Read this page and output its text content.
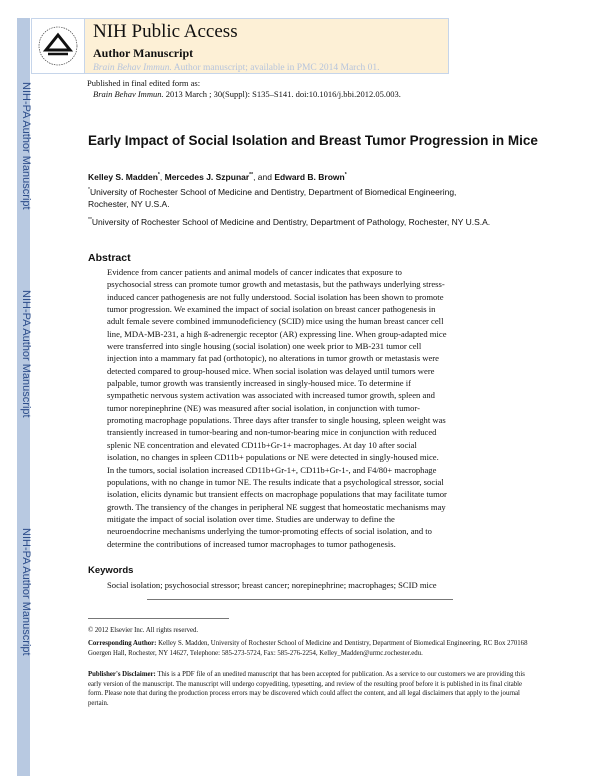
NIH-PA Author Manuscript
NIH-PA Author Manuscript
NIH-PA Author Manuscript
NIH Public Access
Author Manuscript
Brain Behav Immun. Author manuscript; available in PMC 2014 March 01.
Published in final edited form as:
Brain Behav Immun. 2013 March ; 30(Suppl): S135–S141. doi:10.1016/j.bbi.2012.05.003.
Early Impact of Social Isolation and Breast Tumor Progression in Mice
Kelley S. Madden*, Mercedes J. Szpunar**, and Edward B. Brown*
*University of Rochester School of Medicine and Dentistry, Department of Biomedical Engineering, Rochester, NY U.S.A.
**University of Rochester School of Medicine and Dentistry, Department of Pathology, Rochester, NY U.S.A.
Abstract
Evidence from cancer patients and animal models of cancer indicates that exposure to
psychosocial stress can promote tumor growth and metastasis, but the pathways underlying stress-
induced cancer pathogenesis are not fully understood. Social isolation has been shown to promote
tumor progression. We examined the impact of social isolation on breast cancer pathogenesis in
adult female severe combined immunodeficiency (SCID) mice using the human breast cancer cell
line, MDA-MB-231, a high ß-adrenergic receptor (AR) expressing line. When group-adapted mice
were transferred into single housing (social isolation) one week prior to MB-231 tumor cell
injection into a mammary fat pad (orthotopic), no alterations in tumor growth or metastasis were
detected compared to group-housed mice. When social isolation was delayed until tumors were
palpable, tumor growth was transiently increased in singly-housed mice. To determine if
sympathetic nervous system activation was associated with increased tumor growth, spleen and
tumor norepinephrine (NE) was measured after social isolation, in conjunction with tumor-
promoting macrophage populations. Three days after transfer to single housing, spleen weight was
transiently increased in tumor-bearing and non-tumor-bearing mice in conjunction with reduced
splenic NE concentration and elevated CD11b+Gr-1+ macrophages. At day 10 after social
isolation, no changes in spleen CD11b+ populations or NE were detected in singly-housed mice.
In the tumors, social isolation increased CD11b+Gr-1+, CD11b+Gr-1-, and F4/80+ macrophage
populations, with no change in tumor NE. The results indicate that a psychological stressor, social
isolation, elicits dynamic but transient effects on macrophage populations that may facilitate tumor
growth. The transiency of the changes in peripheral NE suggest that homeostatic mechanisms may
mitigate the impact of social isolation over time. Studies are underway to define the
neuroendocrine mechanisms underlying the tumor-promoting effects of social isolation, and to
determine the contributions of increased tumor macrophages to tumor pathogenesis.
Keywords
Social isolation; psychosocial stressor; breast cancer; norepinephrine; macrophages; SCID mice
© 2012 Elsevier Inc. All rights reserved.
Corresponding Author: Kelley S. Madden, University of Rochester School of Medicine and Dentistry, Department of Biomedical Engineering, RC Box 270168 Goergen Hall, Rochester, NY 14627, Telephone: 585-273-5724, Fax: 585-276-2254, Kelley_Madden@urmc.rochester.edu.
Publisher's Disclaimer: This is a PDF file of an unedited manuscript that has been accepted for publication. As a service to our customers we are providing this early version of the manuscript. The manuscript will undergo copyediting, typesetting, and review of the resulting proof before it is published in its final citable form. Please note that during the production process errors may be discovered which could affect the content, and all legal disclaimers that apply to the journal pertain.
